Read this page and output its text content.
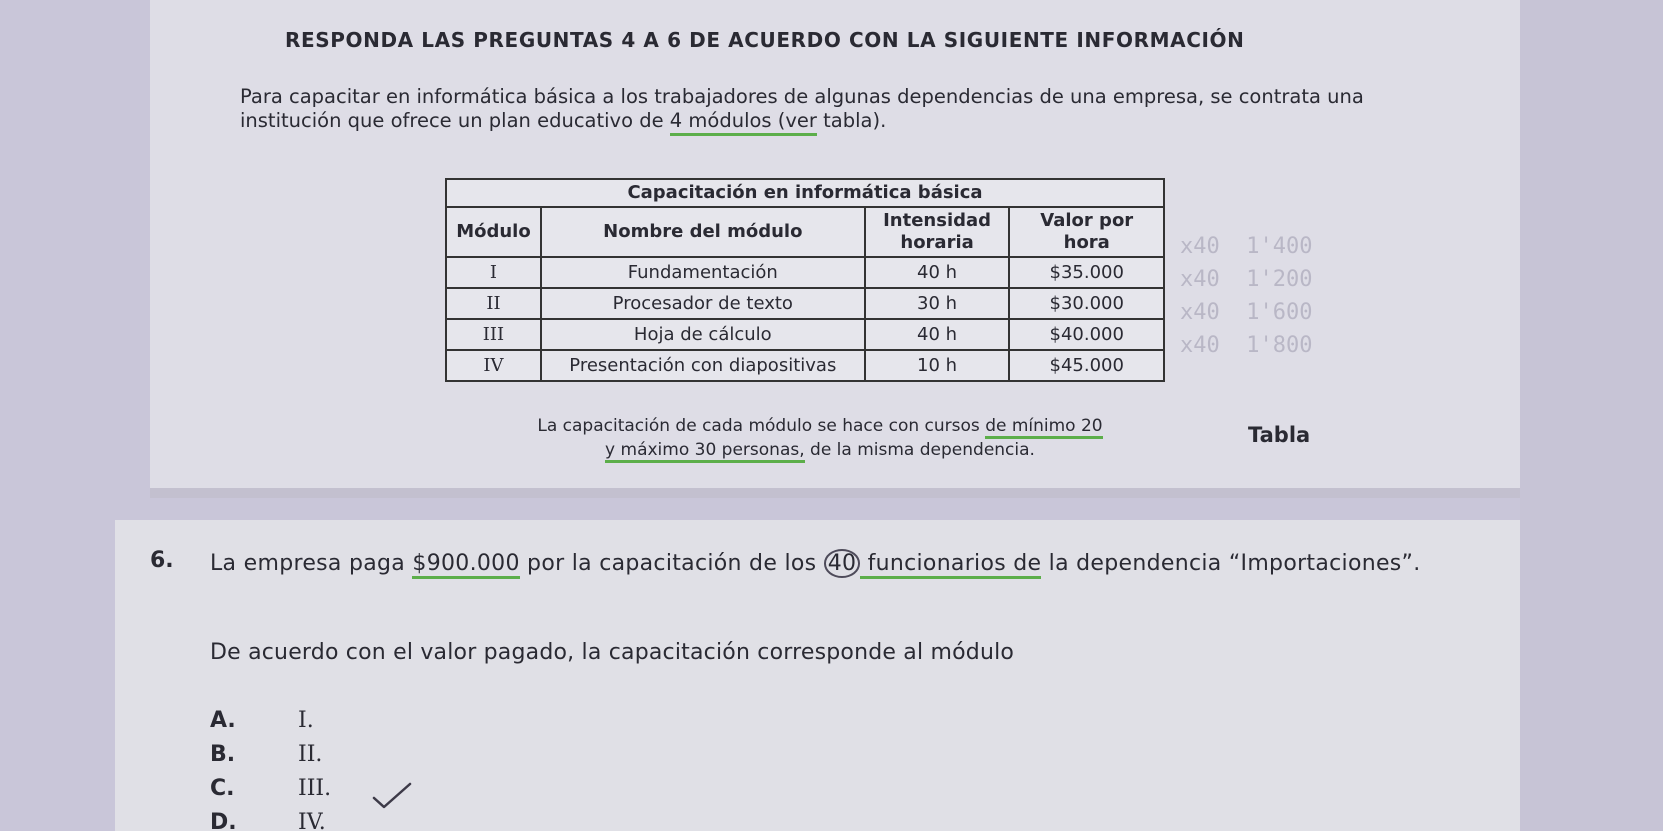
RESPONDA LAS PREGUNTAS 4 A 6 DE ACUERDO CON LA SIGUIENTE INFORMACIÓN

Para capacitar en informática básica a los trabajadores de algunas dependencias de una empresa, se contrata una institución que ofrece un plan educativo de 4 módulos (ver tabla).

Capacitación en informática básica			
Módulo	Nombre del módulo	Intensidad horaria	Valor por hora
I	Fundamentación	40 h	$35.000
II	Procesador de texto	30 h	$30.000
III	Hoja de cálculo	40 h	$40.000
IV	Presentación con diapositivas	10 h	$45.000
La capacitación de cada módulo se hace con cursos de mínimo 20
y máximo 30 personas, de la misma dependencia.
Tabla
x40  1'400
x40  1'200
x40  1'600
x40  1'800
6. La empresa paga $900.000 por la capacitación de los 40 funcionarios de la dependencia “Importaciones”.

De acuerdo con el valor pagado, la capacitación corresponde al módulo
A.	I.
B.	II.
C.	III.
D.	IV.
